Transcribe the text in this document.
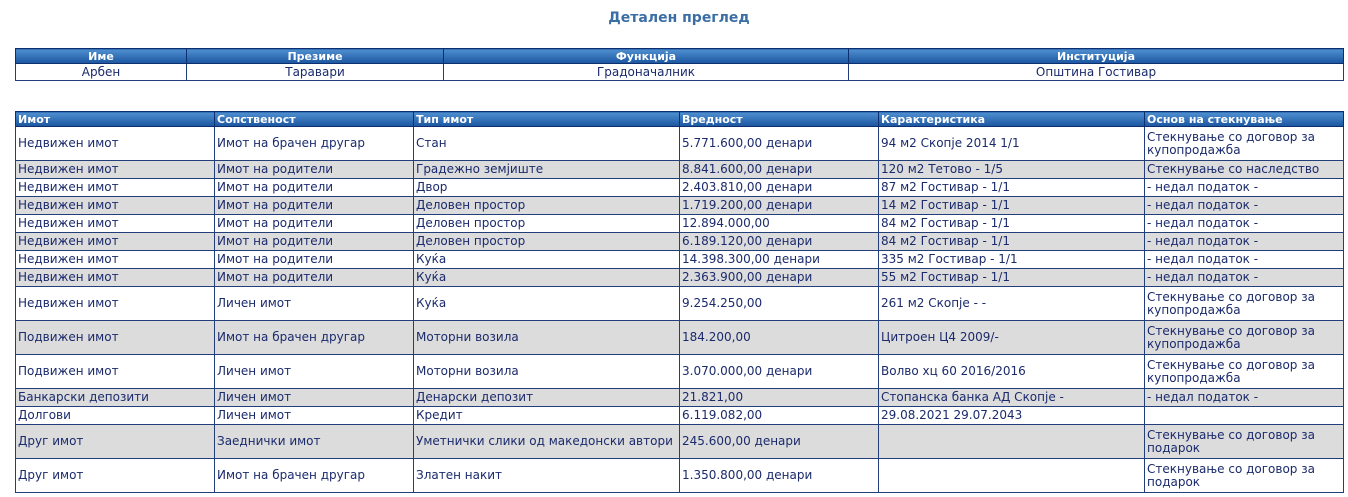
Детален преглед
Име	Презиме	Функција	Институција
Арбен	Таравари	Градоначалник	Општина Гостивар
Имот	Сопственост	Тип имот	Вредност	Карактеристика	Основ на стекнување
Недвижен имот	Имот на брачен другар	Стан	5.771.600,00 денари	94 м2 Скопје 2014 1/1	Стекнување со договор за купопродажба
Недвижен имот	Имот на родители	Градежно земјиште	8.841.600,00 денари	120 м2 Тетово - 1/5	Стекнување со наследство
Недвижен имот	Имот на родители	Двор	2.403.810,00 денари	87 м2 Гостивар - 1/1	- недал податок -
Недвижен имот	Имот на родители	Деловен простор	1.719.200,00 денари	14 м2 Гостивар - 1/1	- недал податок -
Недвижен имот	Имот на родители	Деловен простор	12.894.000,00	84 м2 Гостивар - 1/1	- недал податок -
Недвижен имот	Имот на родители	Деловен простор	6.189.120,00 денари	84 м2 Гостивар - 1/1	- недал податок -
Недвижен имот	Имот на родители	Куќа	14.398.300,00 денари	335 м2 Гостивар - 1/1	- недал податок -
Недвижен имот	Имот на родители	Куќа	2.363.900,00 денари	55 м2 Гостивар - 1/1	- недал податок -
Недвижен имот	Личен имот	Куќа	9.254.250,00	261 м2 Скопје - -	Стекнување со договор за купопродажба
Подвижен имот	Имот на брачен другар	Моторни возила	184.200,00	Цитроен Ц4 2009/-	Стекнување со договор за купопродажба
Подвижен имот	Личен имот	Моторни возила	3.070.000,00 денари	Волво хц 60 2016/2016	Стекнување со договор за купопродажба
Банкарски депозити	Личен имот	Денарски депозит	21.821,00	Стопанска банка АД Скопје -	- недал податок -
Долгови	Личен имот	Кредит	6.119.082,00	29.08.2021 29.07.2043	
Друг имот	Заеднички имот	Уметнички слики од македонски автори	245.600,00 денари		Стекнување со договор за подарок
Друг имот	Имот на брачен другар	Златен накит	1.350.800,00 денари		Стекнување со договор за подарок
